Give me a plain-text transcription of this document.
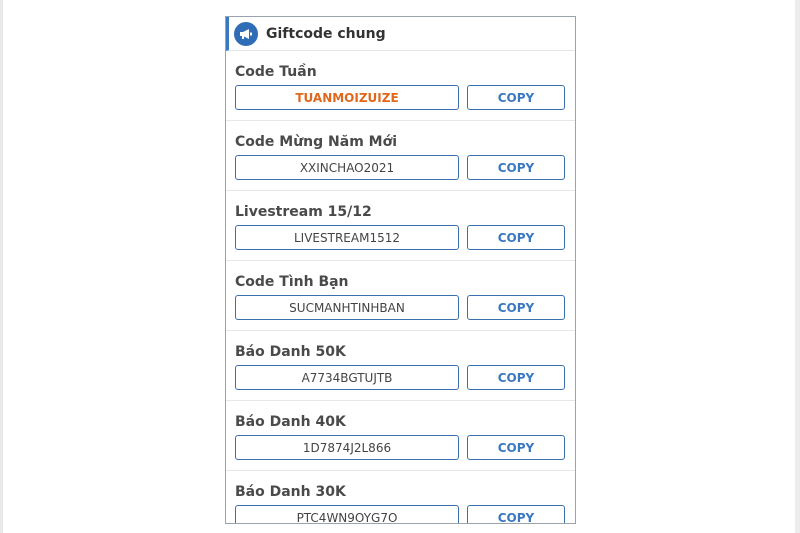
Giftcode chung
Code Tuần
TUANMOIZUIZE	COPY
Code Mừng Năm Mới
XXINCHAO2021	COPY
Livestream 15/12
LIVESTREAM1512	COPY
Code Tình Bạn
SUCMANHTINHBAN	COPY
Báo Danh 50K
A7734BGTUJTB	COPY
Báo Danh 40K
1D7874J2L866	COPY
Báo Danh 30K
PTC4WN9OYG7O	COPY
